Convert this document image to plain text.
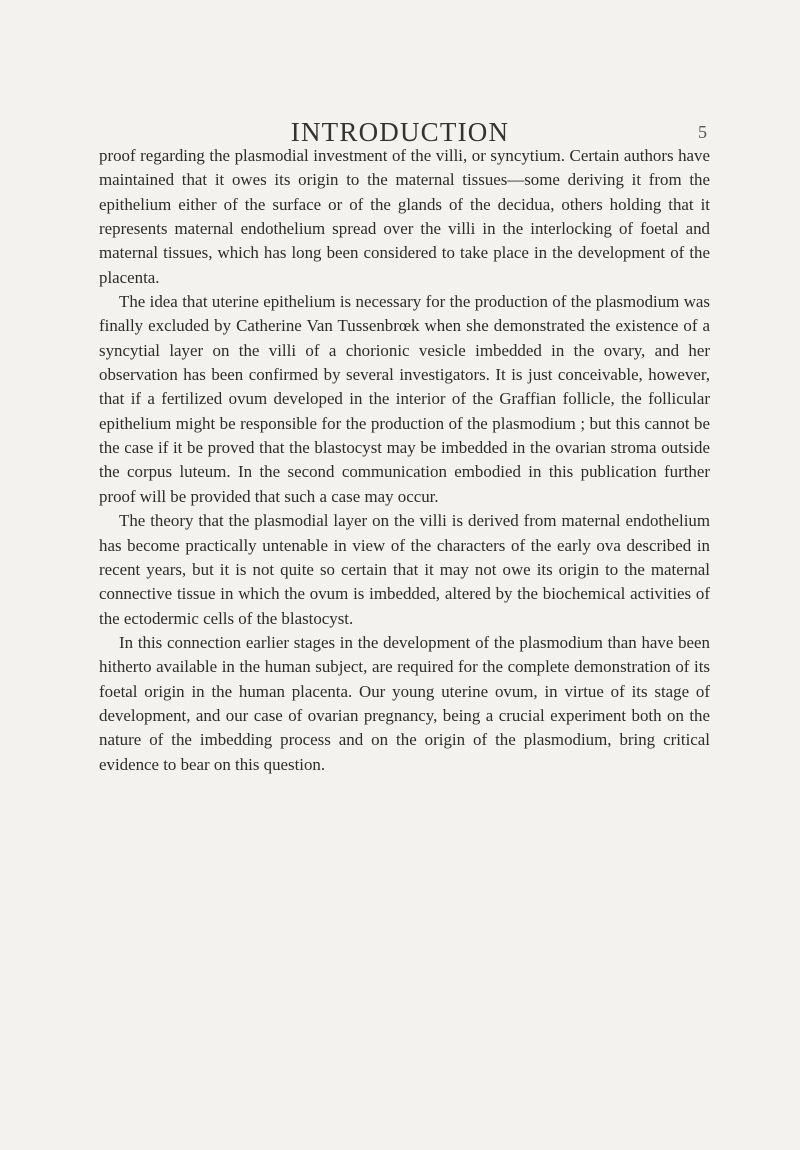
INTRODUCTION	5

proof regarding the plasmodial investment of the villi, or syncytium. Certain authors have maintained that it owes its origin to the maternal tissues—some deriving it from the epithelium either of the surface or of the glands of the decidua, others holding that it represents maternal endothelium spread over the villi in the interlocking of foetal and maternal tissues, which has long been considered to take place in the development of the placenta.

The idea that uterine epithelium is necessary for the production of the plasmodium was finally excluded by Catherine Van Tussenbrœk when she demonstrated the existence of a syncytial layer on the villi of a chorionic vesicle imbedded in the ovary, and her observation has been confirmed by several investigators. It is just conceivable, however, that if a fertilized ovum developed in the interior of the Graffian follicle, the follicular epithelium might be responsible for the production of the plasmodium ; but this cannot be the case if it be proved that the blastocyst may be imbedded in the ovarian stroma outside the corpus luteum. In the second communication embodied in this publication further proof will be provided that such a case may occur.

The theory that the plasmodial layer on the villi is derived from maternal endothelium has become practically untenable in view of the characters of the early ova described in recent years, but it is not quite so certain that it may not owe its origin to the maternal connective tissue in which the ovum is imbedded, altered by the biochemical activities of the ectodermic cells of the blastocyst.

In this connection earlier stages in the development of the plasmodium than have been hitherto available in the human subject, are required for the complete demonstration of its foetal origin in the human placenta. Our young uterine ovum, in virtue of its stage of development, and our case of ovarian pregnancy, being a crucial experiment both on the nature of the imbedding process and on the origin of the plasmodium, bring critical evidence to bear on this question.
